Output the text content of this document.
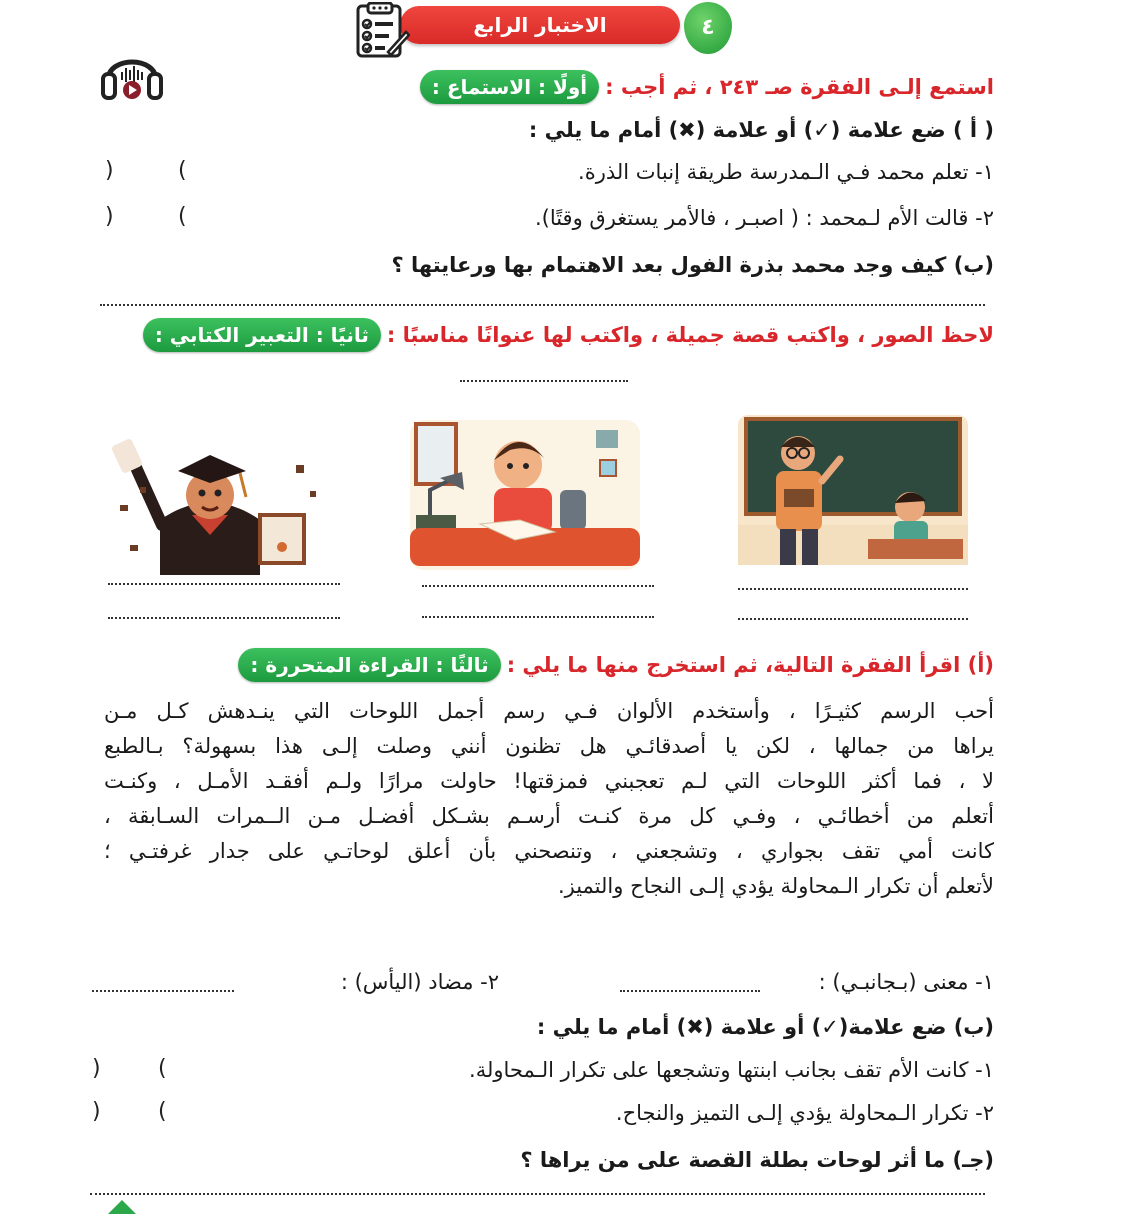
٤
الاختبار الرابع
أولًا : الاستماع : استمع إلـى الفقرة صـ ٢٤٣ ، ثم أجب :
( أ ) ضع علامة (✓) أو علامة (✖) أمام ما يلي :
١- تعلم محمد فـي الـمدرسة طريقة إنبات الذرة.
)	(
٢- قالت الأم لـمحمد : ( اصبـر ، فالأمر يستغرق وقتًا).
)	(
(ب) كيف وجد محمد بذرة الفول بعد الاهتمام بها ورعايتها ؟
ثانيًا : التعبير الكتابي : لاحظ الصور ، واكتب قصة جميلة ، واكتب لها عنوانًا مناسبًا :
ثالثًا : القراءة المتحررة : (أ) اقرأ الفقرة التالية، ثم استخرج منها ما يلي :
أحب الرسم كثيـرًا ، وأستخدم الألوان فـي رسم أجمل اللوحات التي ينـدهش كـل مـن
يراها من جمالها ، لكن يا أصدقائـي هل تظنون أنني وصلت إلـى هذا بسهولة؟ بـالطبع
لا ، فما أكثر اللوحات التي لـم تعجبني فمزقتها! حاولت مرارًا ولـم أفقـد الأمـل ، وكنـت
أتعلم من أخطائـي ، وفـي كل مرة كنـت أرسـم بشـكل أفضـل مـن الــمرات السـابقة ،
كانت أمي تقف بجواري ، وتشجعني ، وتنصحني بأن أعلق لوحاتـي على جدار غرفتـي ؛
لأتعلم أن تكرار الـمحاولة يؤدي إلـى النجاح والتميز.
١- معنى (بـجانبـي) :
٢- مضاد (اليأس) :
(ب) ضع علامة(✓) أو علامة (✖) أمام ما يلي :
١- كانت الأم تقف بجانب ابنتها وتشجعها على تكرار الـمحاولة.
)	(
٢- تكرار الـمحاولة يؤدي إلـى التميز والنجاح.
)	(
(جـ) ما أثر لوحات بطلة القصة على من يراها ؟
